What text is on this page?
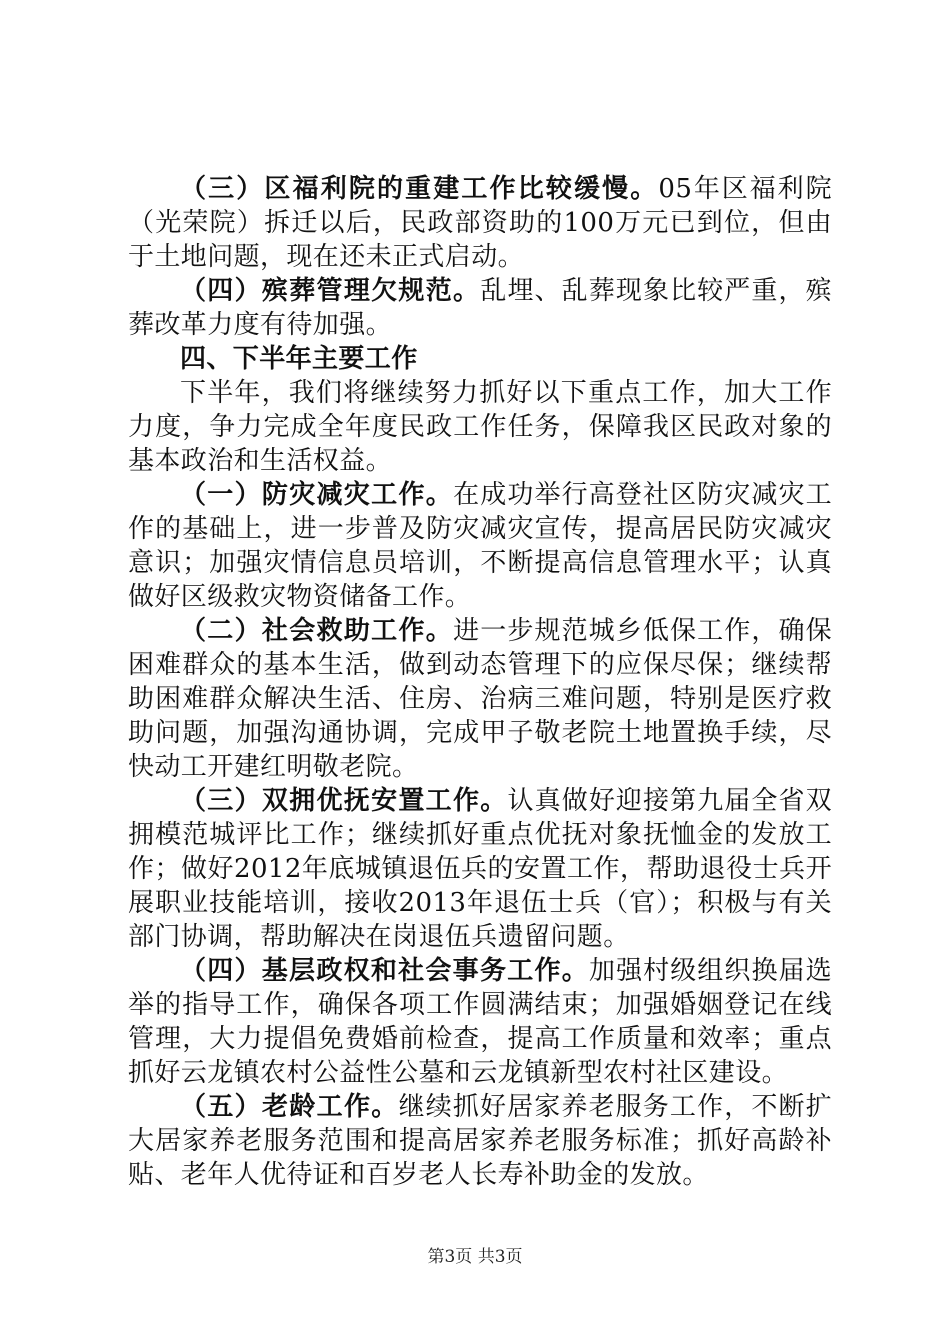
（三）区福利院的重建工作比较缓慢。05年区福利院（光荣院）拆迁以后，民政部资助的100万元已到位，但由于土地问题，现在还未正式启动。

（四）殡葬管理欠规范。乱埋、乱葬现象比较严重，殡葬改革力度有待加强。

四、下半年主要工作

下半年，我们将继续努力抓好以下重点工作，加大工作力度，争力完成全年度民政工作任务，保障我区民政对象的基本政治和生活权益。

（一）防灾减灾工作。在成功举行高登社区防灾减灾工作的基础上，进一步普及防灾减灾宣传，提高居民防灾减灾意识；加强灾情信息员培训，不断提高信息管理水平；认真做好区级救灾物资储备工作。

（二）社会救助工作。进一步规范城乡低保工作，确保困难群众的基本生活，做到动态管理下的应保尽保；继续帮助困难群众解决生活、住房、治病三难问题，特别是医疗救助问题，加强沟通协调，完成甲子敬老院土地置换手续，尽快动工开建红明敬老院。

（三）双拥优抚安置工作。认真做好迎接第九届全省双拥模范城评比工作；继续抓好重点优抚对象抚恤金的发放工作；做好2012年底城镇退伍兵的安置工作，帮助退役士兵开展职业技能培训，接收2013年退伍士兵（官）；积极与有关部门协调，帮助解决在岗退伍兵遗留问题。

（四）基层政权和社会事务工作。加强村级组织换届选举的指导工作，确保各项工作圆满结束；加强婚姻登记在线管理，大力提倡免费婚前检查，提高工作质量和效率；重点抓好云龙镇农村公益性公墓和云龙镇新型农村社区建设。

（五）老龄工作。继续抓好居家养老服务工作，不断扩大居家养老服务范围和提高居家养老服务标准；抓好高龄补贴、老年人优待证和百岁老人长寿补助金的发放。

第3页 共3页
